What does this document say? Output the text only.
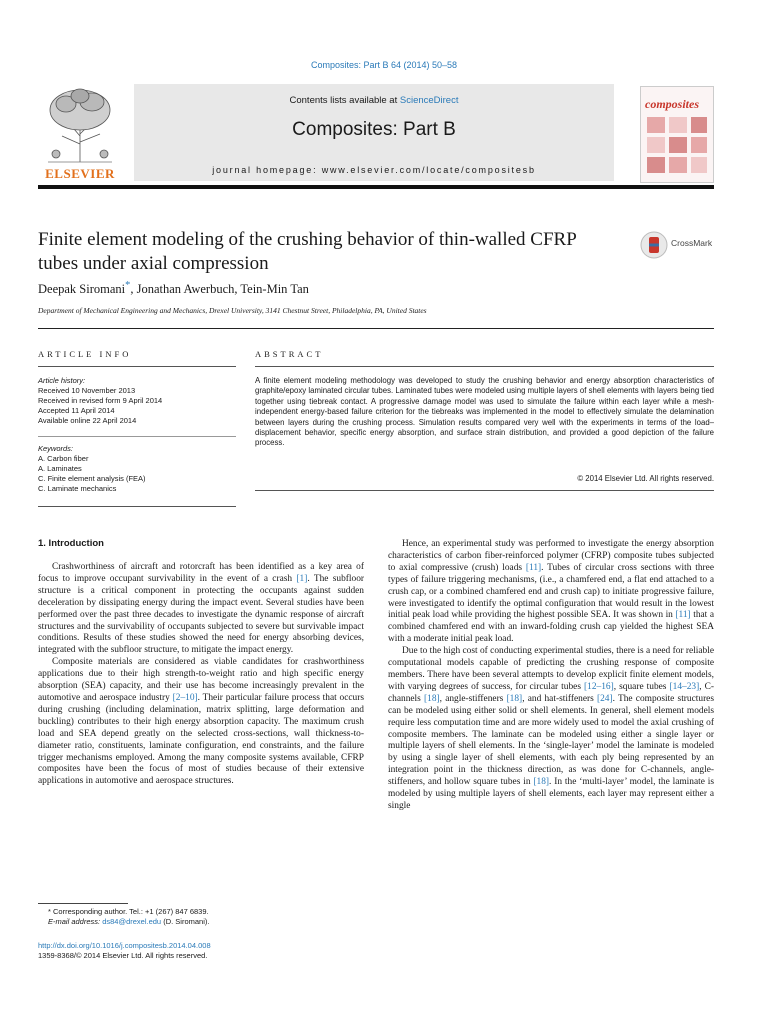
Composites: Part B 64 (2014) 50–58
ELSEVIER
Contents lists available at ScienceDirect
Composites: Part B
journal homepage: www.elsevier.com/locate/compositesb
composites
Finite element modeling of the crushing behavior of thin-walled CFRP tubes under axial compression
CrossMark
Deepak Siromani*, Jonathan Awerbuch, Tein-Min Tan
Department of Mechanical Engineering and Mechanics, Drexel University, 3141 Chestnut Street, Philadelphia, PA, United States
ARTICLE INFO	ABSTRACT
Article history:
Received 10 November 2013
Received in revised form 9 April 2014
Accepted 11 April 2014
Available online 22 April 2014
Keywords:
A. Carbon fiber
A. Laminates
C. Finite element analysis (FEA)
C. Laminate mechanics
A finite element modeling methodology was developed to study the crushing behavior and energy absorption characteristics of graphite/epoxy laminated circular tubes. Laminated tubes were modeled using multiple layers of shell elements with layers being tied together using tiebreak contact. A progressive damage model was used to simulate the failure within each layer while a mesh-independent energy-based failure criterion for the tiebreaks was implemented in the model to effectively simulate the delamination between layers during the crushing process. Simulation results compared very well with the experiments in terms of the load–displacement behavior, specific energy absorption, and surface strain distribution, and provided a good depiction of the failure process.
© 2014 Elsevier Ltd. All rights reserved.
1. Introduction

Crashworthiness of aircraft and rotorcraft has been identified as a key area of focus to improve occupant survivability in the event of a crash [1]. The subfloor structure is a critical component in protecting the occupants against sudden deceleration by dissipating energy during the impact event. Several studies have been performed over the past three decades to investigate the dynamic response of aircraft structures and the survivability of occupants subjected to severe but survivable impact conditions. Results of these studies showed the need for energy absorbing devices, integrated with the subfloor structure, to mitigate the impact energy.

Composite materials are considered as viable candidates for crashworthiness applications due to their high strength-to-weight ratio and high specific energy absorption (SEA) capacity, and their use has become increasingly prevalent in the automotive and aerospace industry [2–10]. Their particular failure process that occurs during crushing (including delamination, matrix splitting, large deformation and buckling) contributes to their high energy absorption capacity. The maximum crush load and SEA depend greatly on the selected cross-sections, wall thickness-to-diameter ratio, constituents, laminate configuration, end constraints, and the failure trigger mechanisms employed. Among the many composite systems available, CFRP composites have been the focus of most of studies because of their extensive applications in automotive and aerospace structures.

Hence, an experimental study was performed to investigate the energy absorption characteristics of carbon fiber-reinforced polymer (CFRP) composite tubes subjected to axial compressive (crush) loads [11]. Tubes of circular cross sections with three types of failure triggering mechanisms, (i.e., a chamfered end, a flat end attached to a crush cap, or a combined chamfered end and crush cap) to initiate progressive failure, were investigated to identify the optimal configuration that would result in the lowest initial peak load while providing the highest possible SEA. It was shown in [11] that a combined chamfered end with an inward-folding crush cap yielded the highest SEA with a moderate initial peak load.

Due to the high cost of conducting experimental studies, there is a need for reliable computational models capable of predicting the crushing response of composite members. There have been several attempts to develop explicit finite element models, with varying degrees of success, for circular tubes [12–16], square tubes [14–23], C-channels [18], angle-stiffeners [18], and hat-stiffeners [24]. The composite structures can be modeled using either solid or shell elements. In general, shell element models require less computation time and are more widely used to model the axial crushing of composite members. The laminate can be modeled using either a single layer or multiple layers of shell elements. In the ‘single-layer’ model the laminate is modeled by using a single layer of shell elements, with each ply being represented by an integration point in the thickness direction, as was done for C-channels, angle-stiffeners, and hollow square tubes in [18]. In the ‘multi-layer’ model, the laminate is modeled by using multiple layers of shell elements, each layer may represent either a single

* Corresponding author. Tel.: +1 (267) 847 6839.
E-mail address: ds84@drexel.edu (D. Siromani).
http://dx.doi.org/10.1016/j.compositesb.2014.04.008
1359-8368/© 2014 Elsevier Ltd. All rights reserved.
